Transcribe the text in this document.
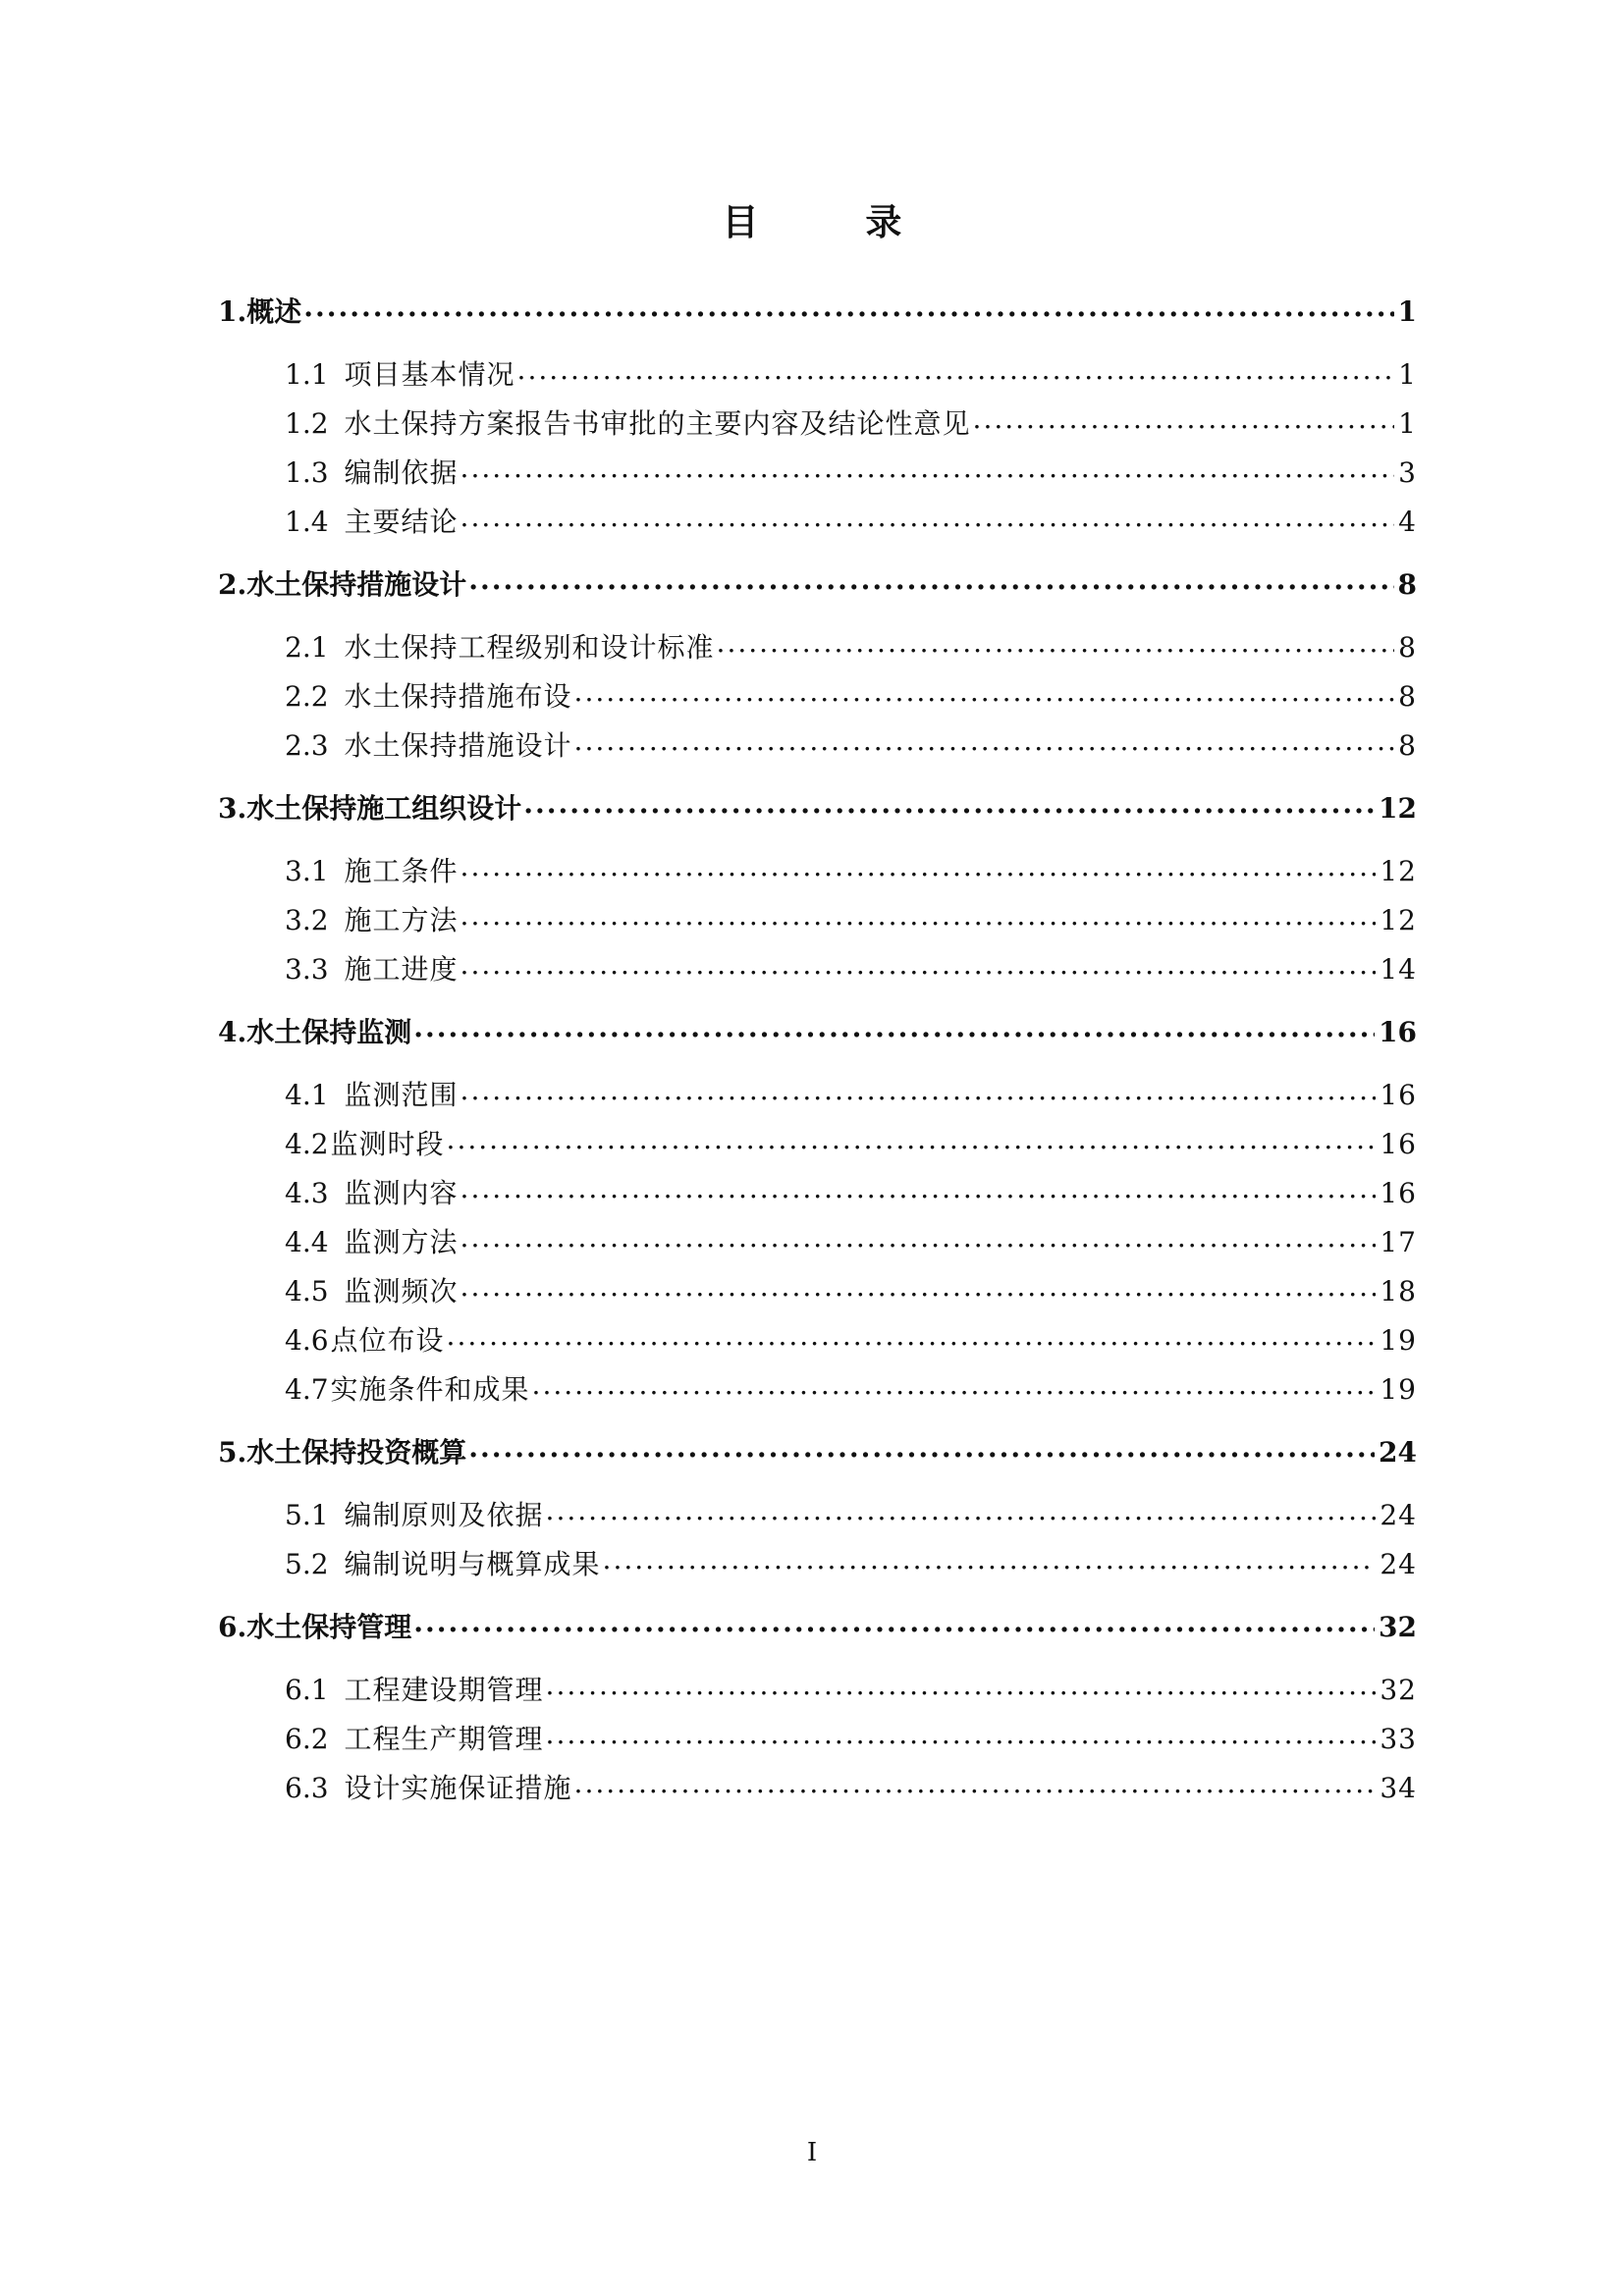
目 录
1.概述 .....	1
1.1 项目基本情况 .....	1
1.2 水土保持方案报告书审批的主要内容及结论性意见 .....	1
1.3 编制依据 .....	3
1.4 主要结论 .....	4
2.水土保持措施设计 .....	8
2.1 水土保持工程级别和设计标准 .....	8
2.2 水土保持措施布设 .....	8
2.3 水土保持措施设计 .....	8
3.水土保持施工组织设计 .....	12
3.1 施工条件 .....	12
3.2 施工方法 .....	12
3.3 施工进度 .....	14
4.水土保持监测 .....	16
4.1 监测范围 .....	16
4.2监测时段 .....	16
4.3 监测内容 .....	16
4.4 监测方法 .....	17
4.5 监测频次 .....	18
4.6点位布设 .....	19
4.7实施条件和成果 .....	19
5.水土保持投资概算 .....	24
5.1 编制原则及依据 .....	24
5.2 编制说明与概算成果 .....	24
6.水土保持管理 .....	32
6.1 工程建设期管理 .....	32
6.2 工程生产期管理 .....	33
6.3 设计实施保证措施 .....	34
I
